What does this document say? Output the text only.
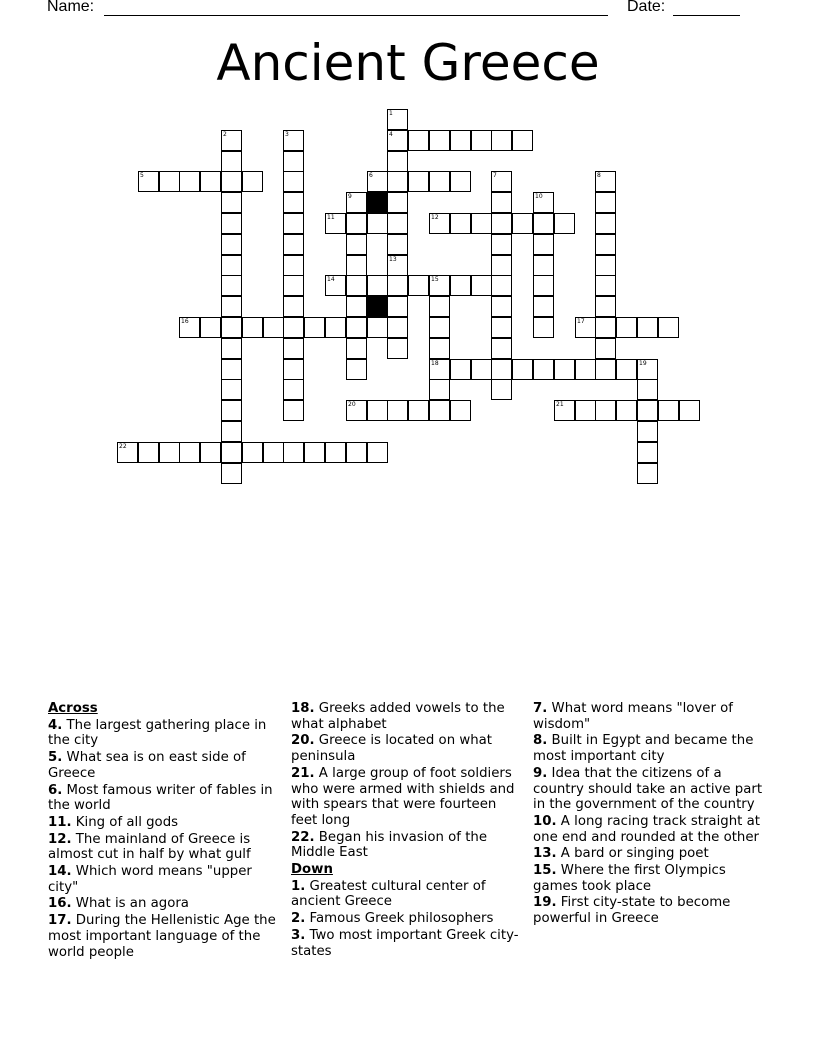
Name:	Date:
Ancient Greece
1
4
13
2	3
5	6	7	8
9	10
11	12
14	15
18
16	17
19
20	21
22
Across
4. The largest gathering place in the city
5. What sea is on east side of Greece
6. Most famous writer of fables in the world
11. King of all gods
12. The mainland of Greece is almost cut in half by what gulf
14. Which word means "upper city"
16. What is an agora
17. During the Hellenistic Age the most important language of the world people
18. Greeks added vowels to the what alphabet
20. Greece is located on what peninsula
21. A large group of foot soldiers who were armed with shields and with spears that were fourteen feet long
22. Began his invasion of the Middle East
Down
1. Greatest cultural center of ancient Greece
2. Famous Greek philosophers
3. Two most important Greek city-states
7. What word means "lover of wisdom"
8. Built in Egypt and became the most important city
9. Idea that the citizens of a country should take an active part in the government of the country
10. A long racing track straight at one end and rounded at the other
13. A bard or singing poet
15. Where the first Olympics games took place
19. First city-state to become powerful in Greece
